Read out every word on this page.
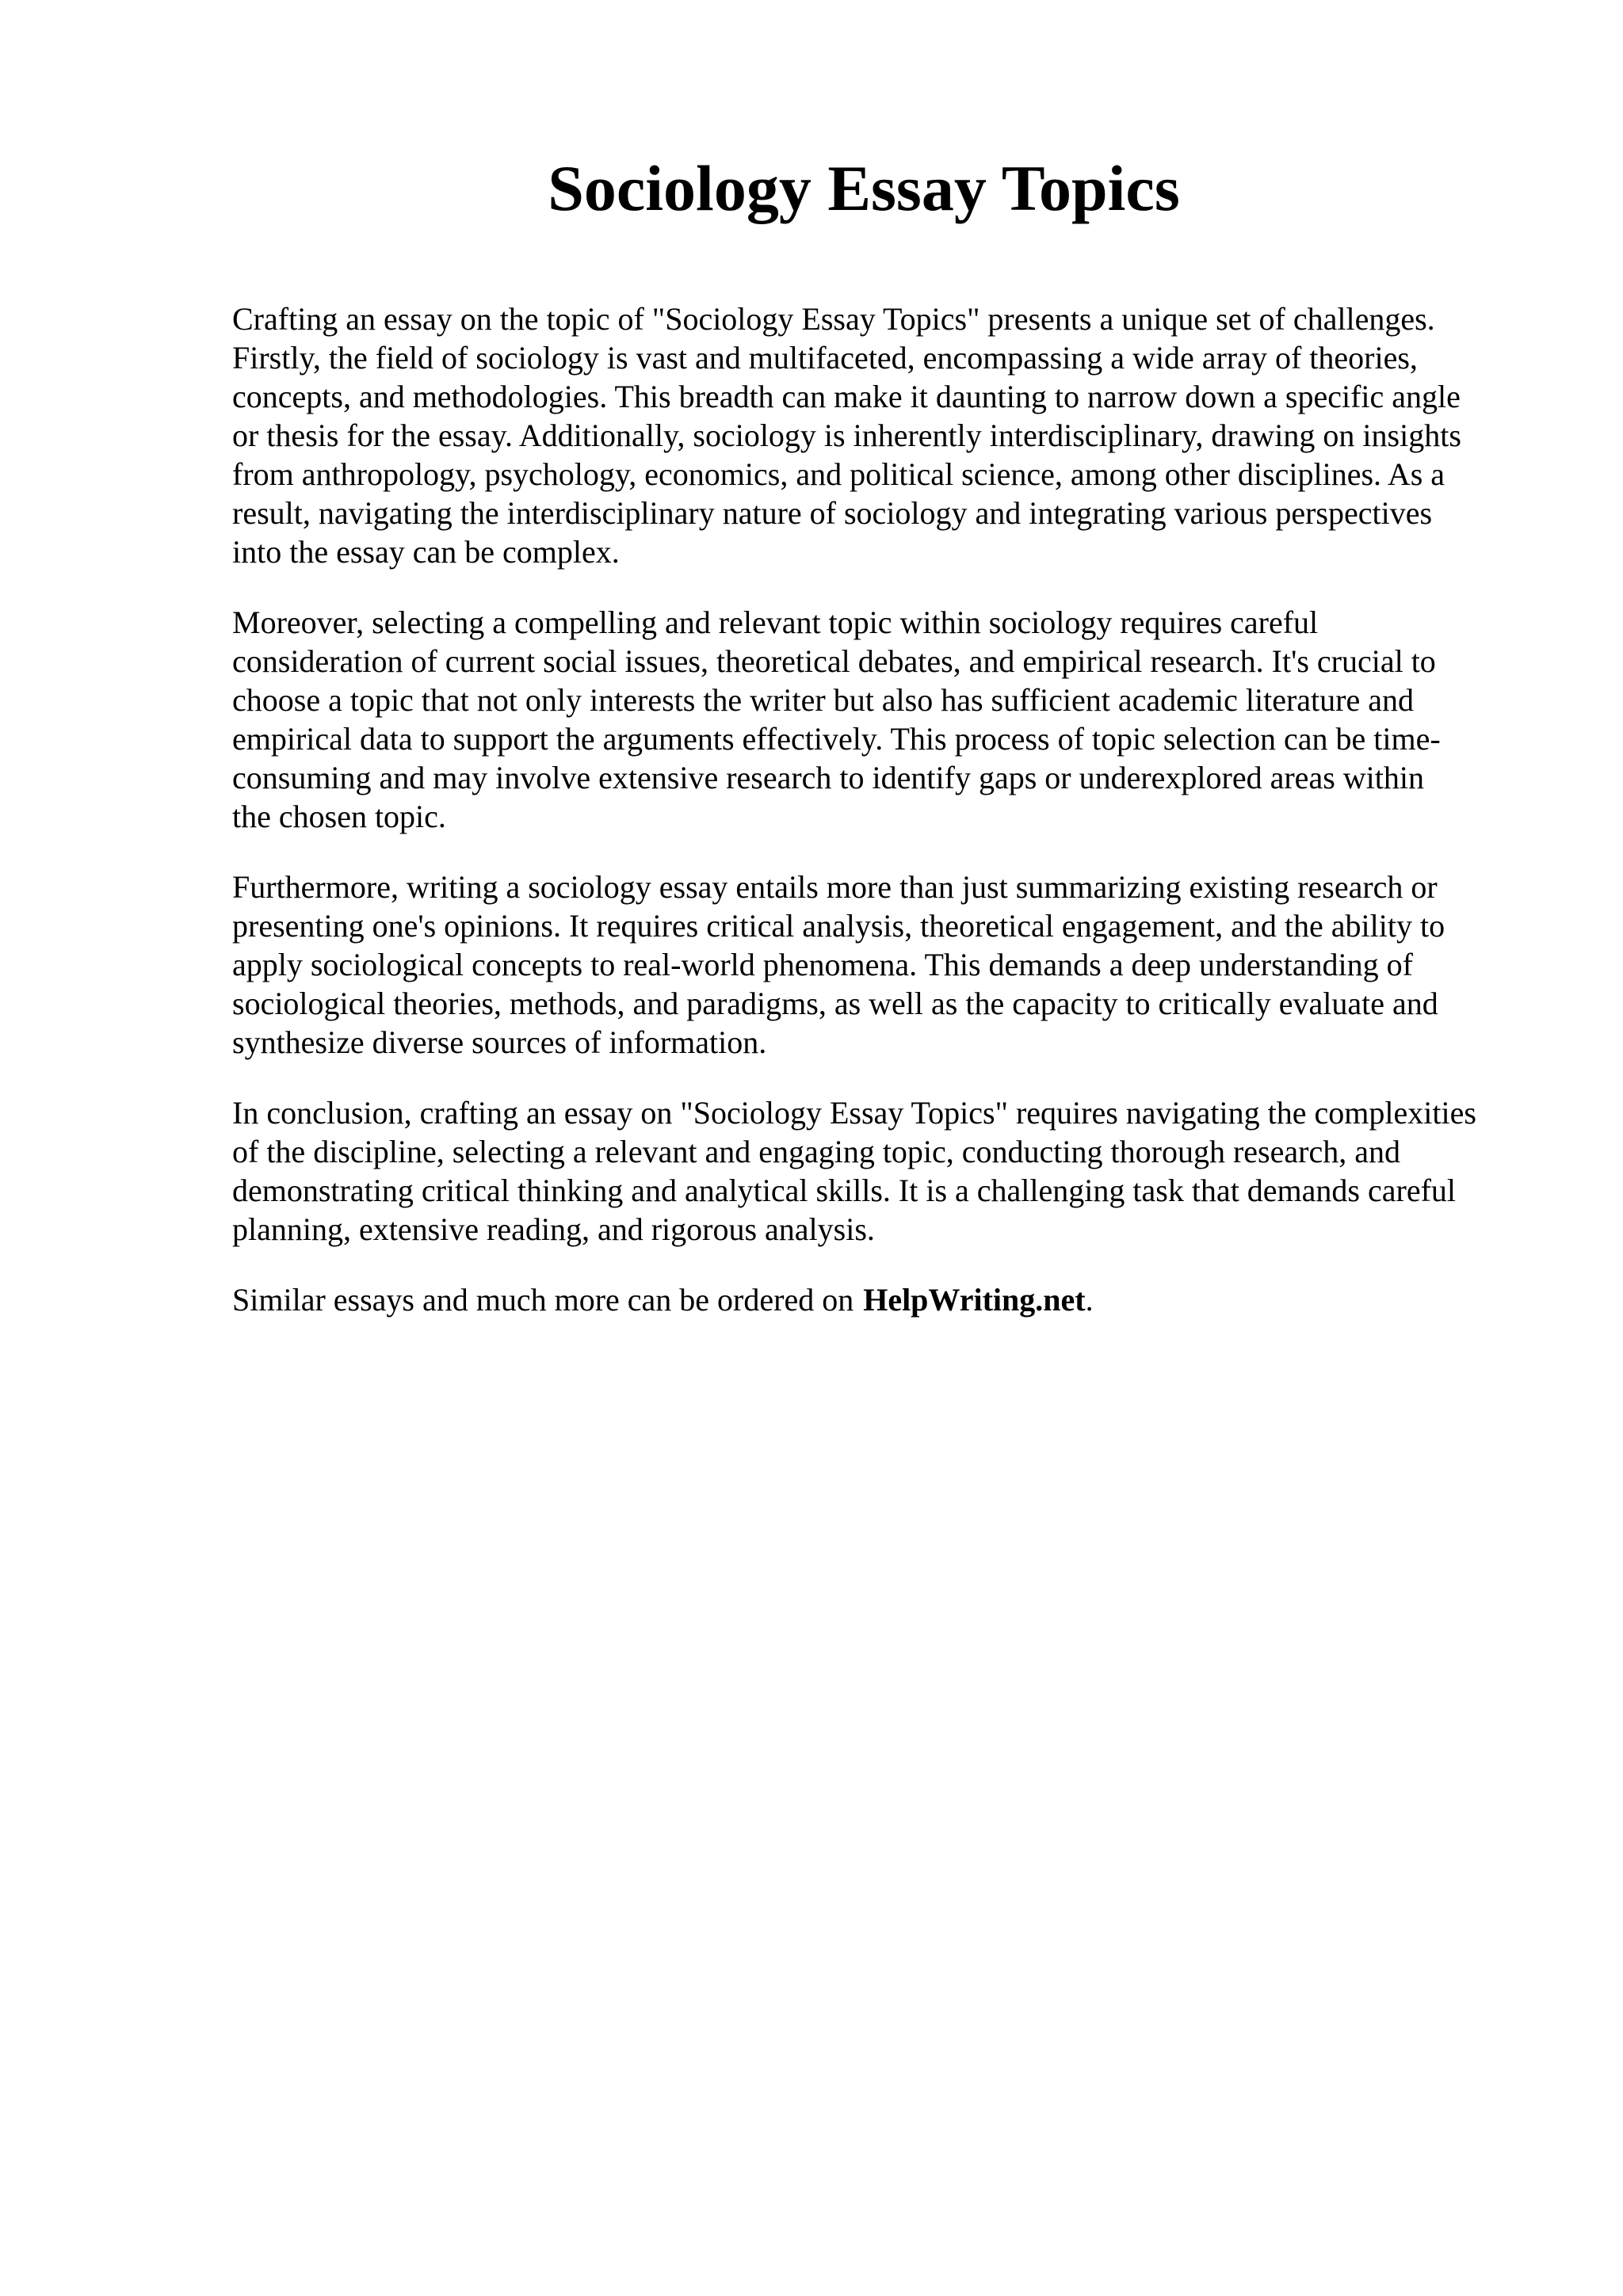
Sociology Essay Topics

Crafting an essay on the topic of "Sociology Essay Topics" presents a unique set of challenges.
Firstly, the field of sociology is vast and multifaceted, encompassing a wide array of theories,
concepts, and methodologies. This breadth can make it daunting to narrow down a specific angle
or thesis for the essay. Additionally, sociology is inherently interdisciplinary, drawing on insights
from anthropology, psychology, economics, and political science, among other disciplines. As a
result, navigating the interdisciplinary nature of sociology and integrating various perspectives
into the essay can be complex.

Moreover, selecting a compelling and relevant topic within sociology requires careful
consideration of current social issues, theoretical debates, and empirical research. It's crucial to
choose a topic that not only interests the writer but also has sufficient academic literature and
empirical data to support the arguments effectively. This process of topic selection can be time-
consuming and may involve extensive research to identify gaps or underexplored areas within
the chosen topic.

Furthermore, writing a sociology essay entails more than just summarizing existing research or
presenting one's opinions. It requires critical analysis, theoretical engagement, and the ability to
apply sociological concepts to real-world phenomena. This demands a deep understanding of
sociological theories, methods, and paradigms, as well as the capacity to critically evaluate and
synthesize diverse sources of information.

In conclusion, crafting an essay on "Sociology Essay Topics" requires navigating the complexities
of the discipline, selecting a relevant and engaging topic, conducting thorough research, and
demonstrating critical thinking and analytical skills. It is a challenging task that demands careful
planning, extensive reading, and rigorous analysis.

Similar essays and much more can be ordered on HelpWriting.net.
